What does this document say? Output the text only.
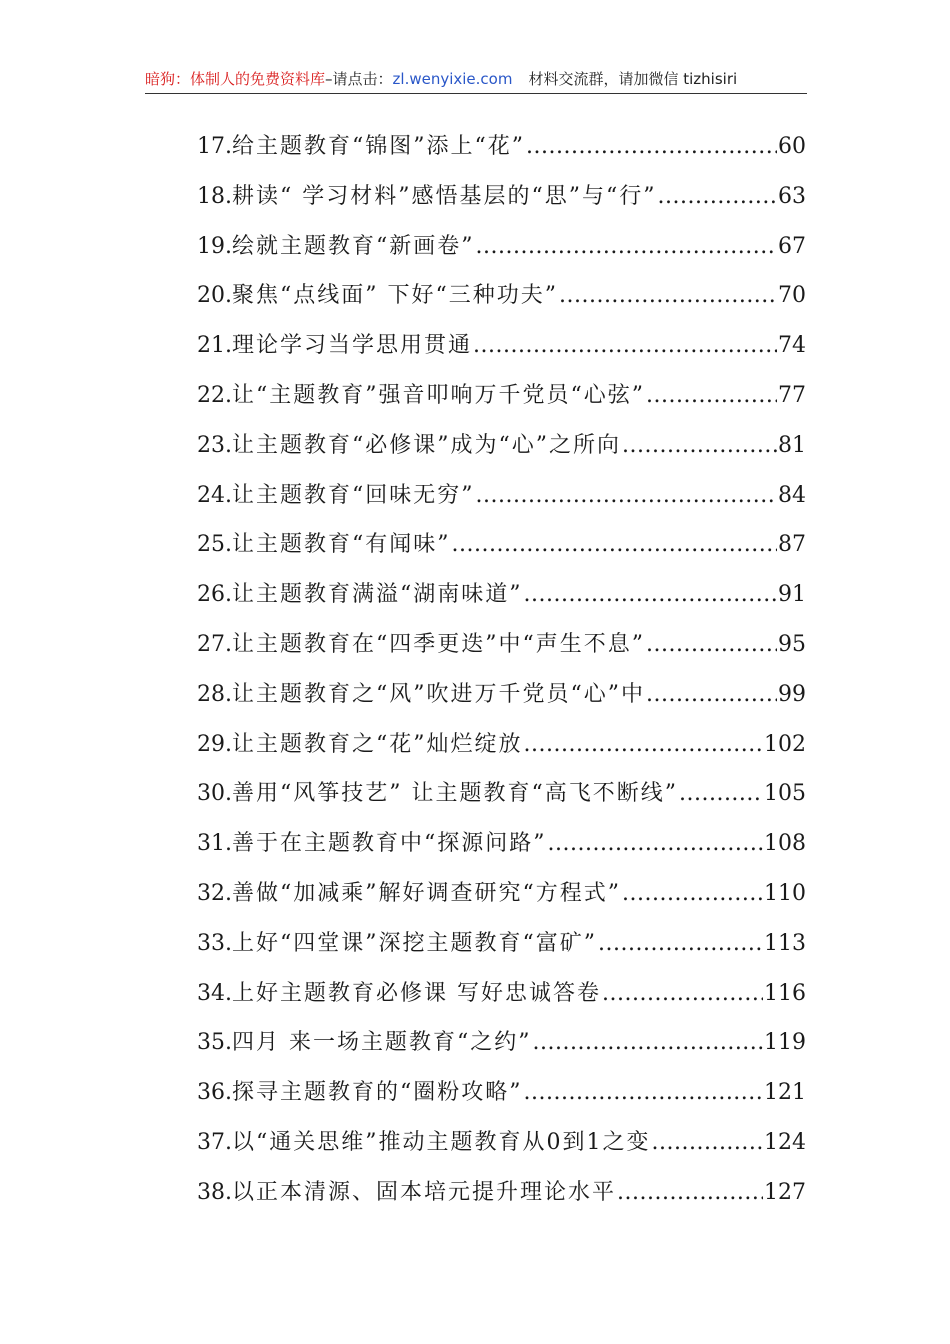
暗狗：体制人的免费资料库–请点击：zl.wenyixie.com 材料交流群，请加微信 tizhisiri
17. 给主题教育“锦图”添上“花” .....	60
18. 耕读“ 学习材料”感悟基层的“思”与“行” .....	63
19. 绘就主题教育“新画卷” .....	67
20. 聚焦“点线面” 下好“三种功夫” .....	70
21. 理论学习当学思用贯通 .....	74
22. 让“主题教育”强音叩响万千党员“心弦” .....	77
23. 让主题教育“必修课”成为“心”之所向 .....	81
24. 让主题教育“回味无穷” .....	84
25. 让主题教育“有闻味” .....	87
26. 让主题教育满溢“湖南味道” .....	91
27. 让主题教育在“四季更迭”中“声生不息” .....	95
28. 让主题教育之“风”吹进万千党员“心”中 .....	99
29. 让主题教育之“花”灿烂绽放 .....	102
30. 善用“风筝技艺” 让主题教育“高飞不断线” .....	105
31. 善于在主题教育中“探源问路” .....	108
32. 善做“加减乘”解好调查研究“方程式” .....	110
33. 上好“四堂课”深挖主题教育“富矿” .....	113
34. 上好主题教育必修课 写好忠诚答卷 .....	116
35. 四月 来一场主题教育“之约” .....	119
36. 探寻主题教育的“圈粉攻略” .....	121
37. 以“通关思维”推动主题教育从0到1之变 .....	124
38. 以正本清源、固本培元提升理论水平 .....	127
